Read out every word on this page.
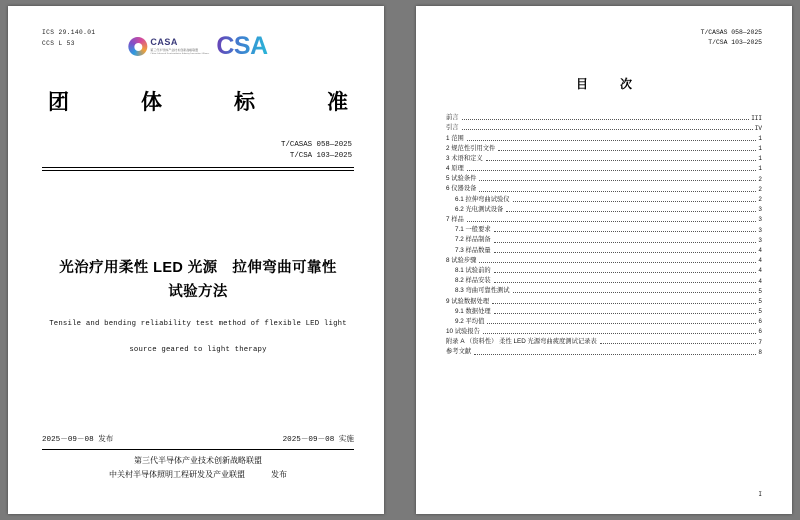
ICS 29.140.01
CCS L 53	CASA
第三代半导体产业技术创新战略联盟
China Advanced Semiconductor Industry Innovation Alliance CSA
团	体	标	准
T/CASAS 058—2025
T/CSA 103—2025
光治疗用柔性 LED 光源　拉伸弯曲可靠性
试验方法
Tensile and bending reliability test method of flexible LED light
source geared to light therapy
2025－09－08 发布	2025－09－08 实施
第三代半导体产业技术创新战略联盟
中关村半导体照明工程研发及产业联盟	发布
T/CASAS 058—2025
T/CSA 103—2025
目　次
前言	III
引言	IV
1 范围	1
2 规范性引用文件	1
3 术语和定义	1
4 原理	1
5 试验条件	2
6 仪器设备	2
6.1 拉伸弯曲试验仪	2
6.2 光电测试设备	3
7 样品	3
7.1 一般要求	3
7.2 样品制备	3
7.3 样品数量	4
8 试验步骤	4
8.1 试验前的	4
8.2 样品安装	4
8.3 弯曲可靠性测试	5
9 试验数据处理	5
9.1 数据处理	5
9.2 平均值	6
10 试验报告	6
附录 A （资料性） 柔性 LED 光源弯曲疲度测试记录表	7
参考文献	8
I
